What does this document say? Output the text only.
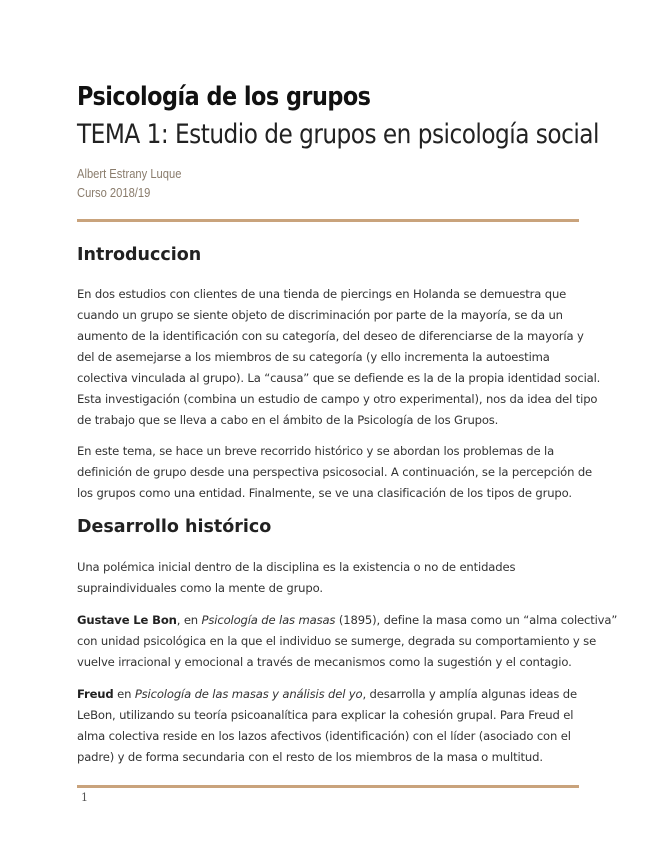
Psicología de los grupos
TEMA 1: Estudio de grupos en psicología social
Albert Estrany Luque
Curso 2018/19
Introduccion

En dos estudios con clientes de una tienda de piercings en Holanda se demuestra que
cuando un grupo se siente objeto de discriminación por parte de la mayoría, se da un
aumento de la identificación con su categoría, del deseo de diferenciarse de la mayoría y
del de asemejarse a los miembros de su categoría (y ello incrementa la autoestima
colectiva vinculada al grupo). La “causa” que se defiende es la de la propia identidad social.
Esta investigación (combina un estudio de campo y otro experimental), nos da idea del tipo
de trabajo que se lleva a cabo en el ámbito de la Psicología de los Grupos.

En este tema, se hace un breve recorrido histórico y se abordan los problemas de la
definición de grupo desde una perspectiva psicosocial. A continuación, se la percepción de
los grupos como una entidad. Finalmente, se ve una clasificación de los tipos de grupo.

Desarrollo histórico

Una polémica inicial dentro de la disciplina es la existencia o no de entidades
supraindividuales como la mente de grupo.

Gustave Le Bon, en Psicología de las masas (1895), define la masa como un “alma colectiva”
con unidad psicológica en la que el individuo se sumerge, degrada su comportamiento y se
vuelve irracional y emocional a través de mecanismos como la sugestión y el contagio.

Freud en Psicología de las masas y análisis del yo, desarrolla y amplía algunas ideas de
LeBon, utilizando su teoría psicoanalítica para explicar la cohesión grupal. Para Freud el
alma colectiva reside en los lazos afectivos (identificación) con el líder (asociado con el
padre) y de forma secundaria con el resto de los miembros de la masa o multitud.

1
